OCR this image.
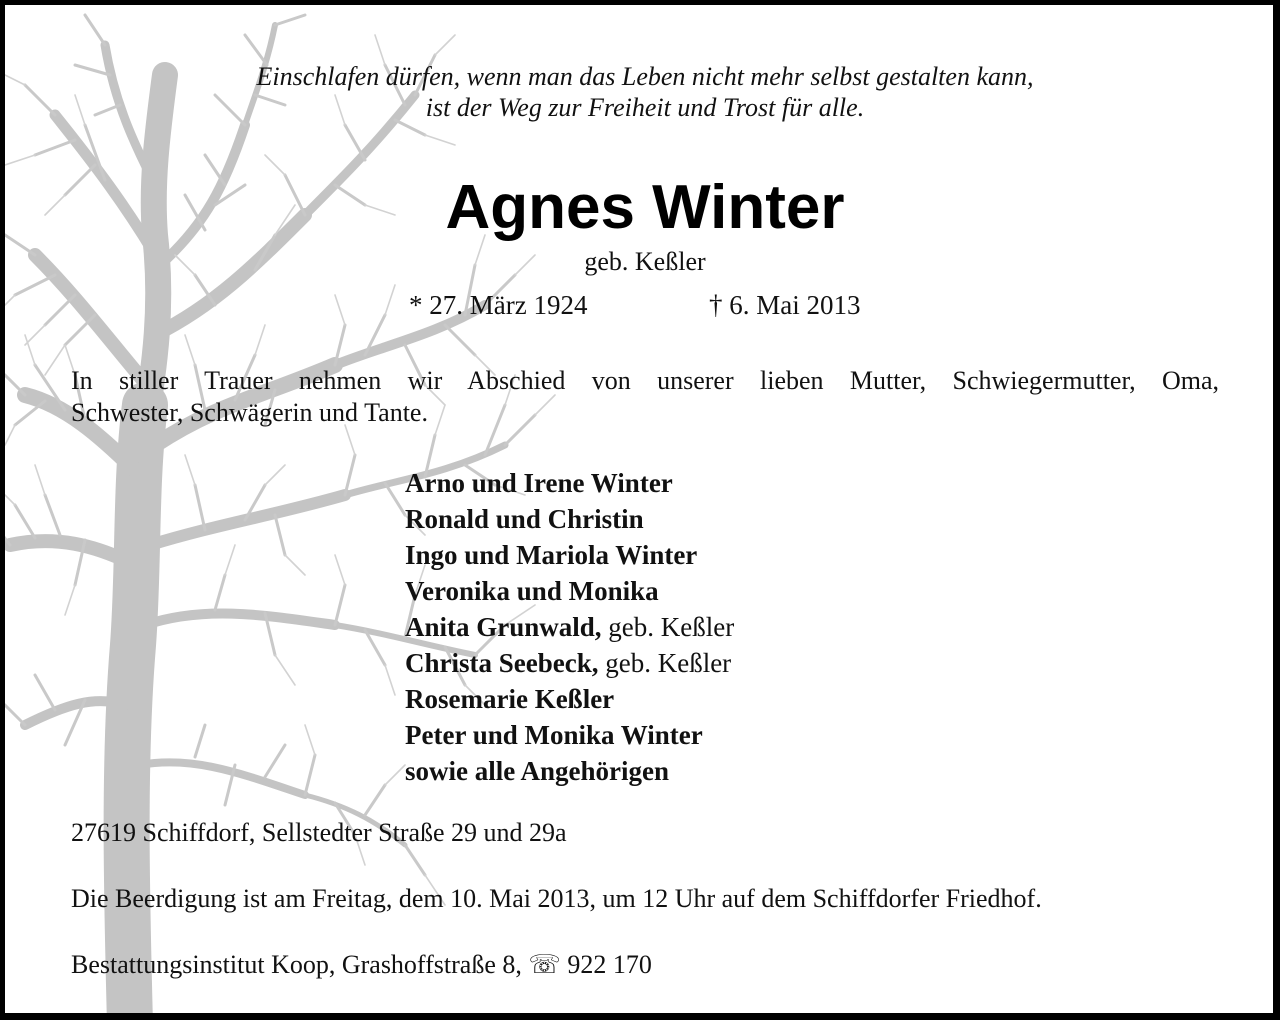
Einschlafen dürfen, wenn man das Leben nicht mehr selbst gestalten kann,
ist der Weg zur Freiheit und Trost für alle.
Agnes Winter
geb. Keßler
* 27. März 1924	† 6. Mai 2013
In stiller Trauer nehmen wir Abschied von unserer lieben Mutter, Schwiegermutter, Oma,
Schwester, Schwägerin und Tante.
Arno und Irene Winter
Ronald und Christin
Ingo und Mariola Winter
Veronika und Monika
Anita Grunwald, geb. Keßler
Christa Seebeck, geb. Keßler
Rosemarie Keßler
Peter und Monika Winter
sowie alle Angehörigen
27619 Schiffdorf, Sellstedter Straße 29 und 29a
Die Beerdigung ist am Freitag, dem 10. Mai 2013, um 12 Uhr auf dem Schiffdorfer Friedhof.
Bestattungsinstitut Koop, Grashoffstraße 8, ☏ 922 170
